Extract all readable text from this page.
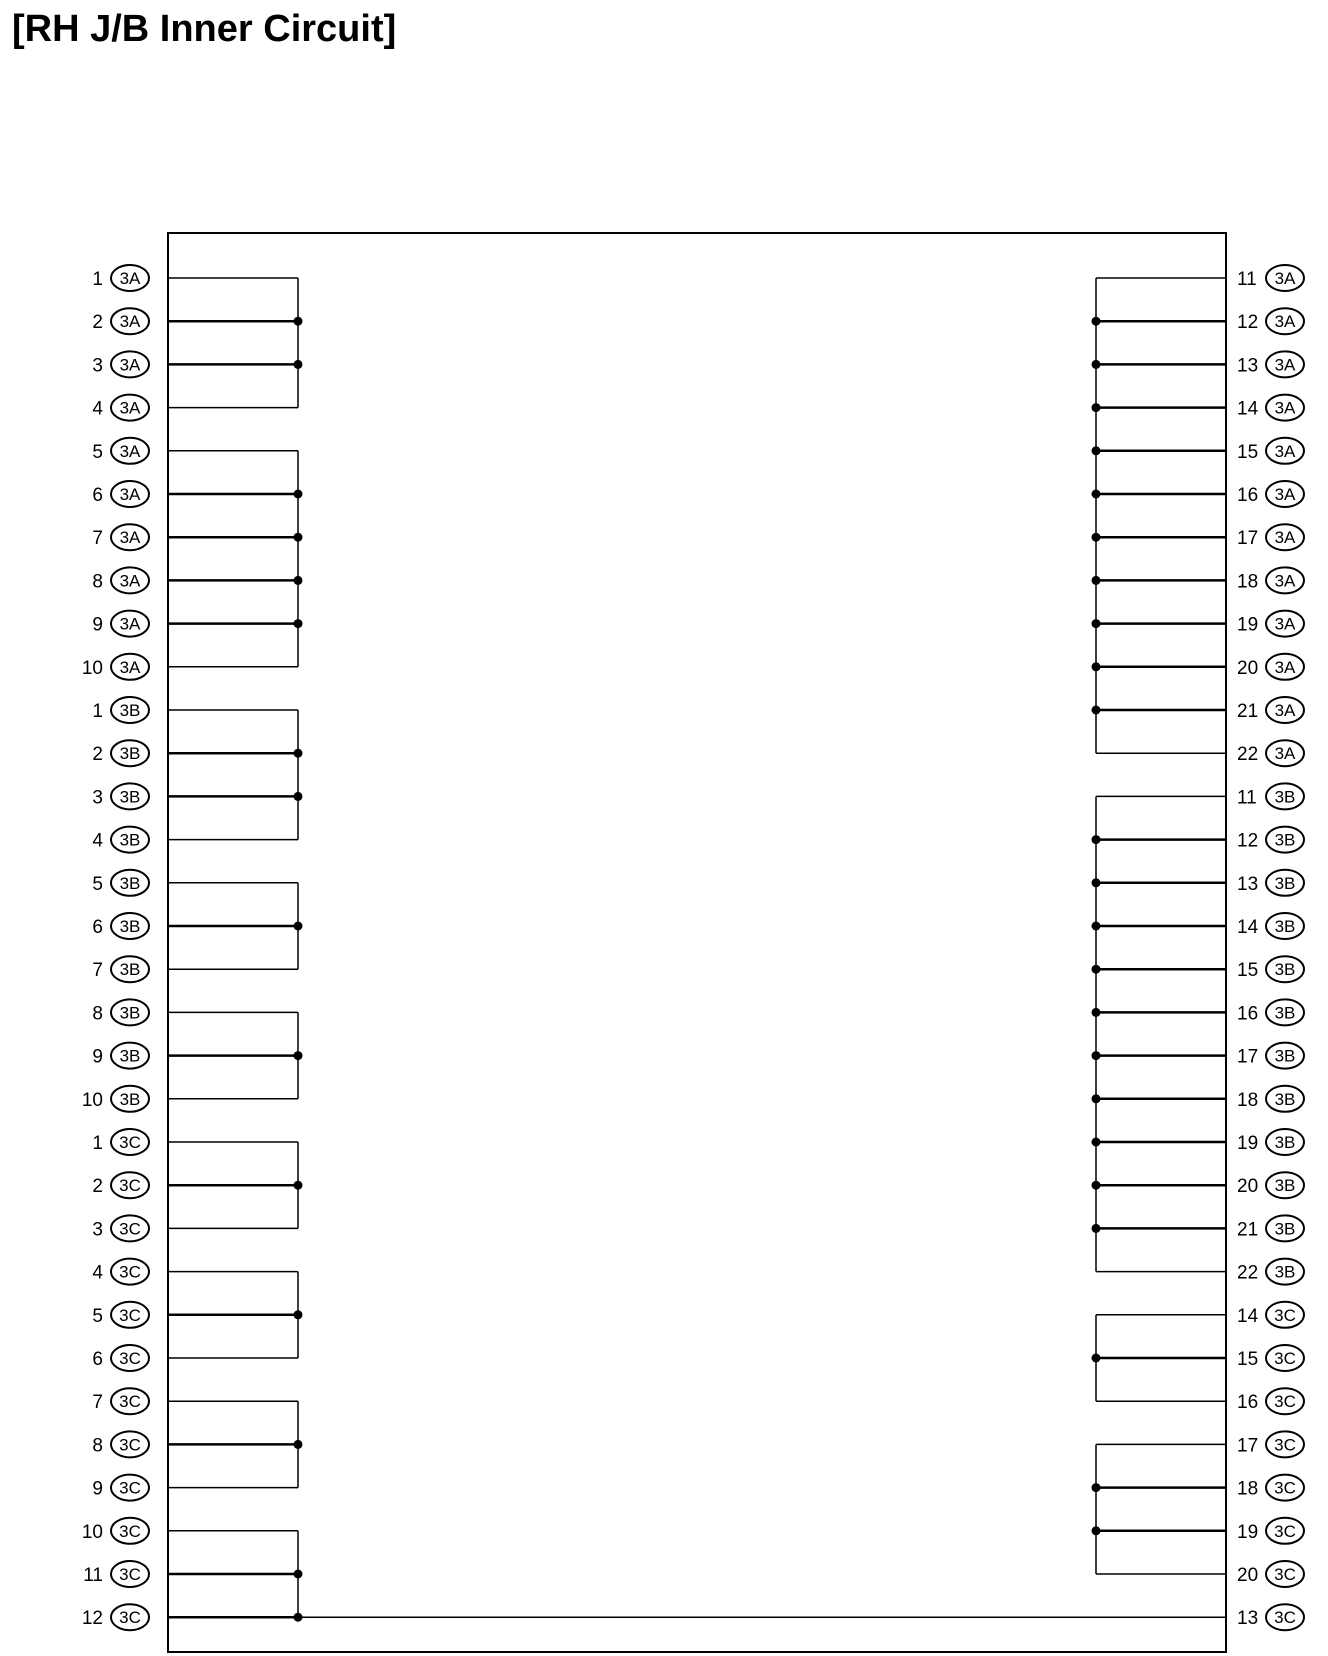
[RH J/B Inner Circuit]
1 3A
2 3A
3 3A
4 3A
5 3A
6 3A
7 3A
8 3A
9 3A
10 3A
1 3B
2 3B
3 3B
4 3B
5 3B
6 3B
7 3B
8 3B
9 3B
10 3B
1 3C
2 3C
3 3C
4 3C
5 3C
6 3C
7 3C
8 3C
9 3C
10 3C
11 3C
12 3C
11 3A
12 3A
13 3A
14 3A
15 3A
16 3A
17 3A
18 3A
19 3A
20 3A
21 3A
22 3A
11 3B
12 3B
13 3B
14 3B
15 3B
16 3B
17 3B
18 3B
19 3B
20 3B
21 3B
22 3B
14 3C
15 3C
16 3C
17 3C
18 3C
19 3C
20 3C
13 3C
